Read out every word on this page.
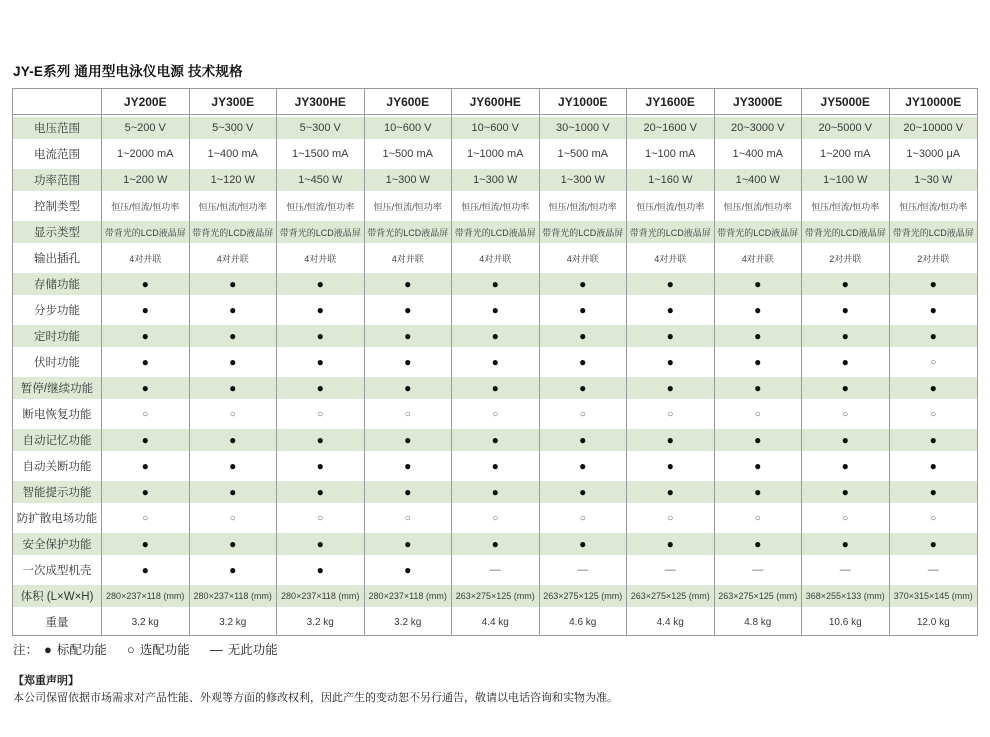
JY-E系列 通用型电泳仪电源 技术规格
JY200E	JY300E	JY300HE	JY600E	JY600HE	JY1000E	JY1600E	JY3000E	JY5000E	JY10000E
电压范围	5~200 V	5~300 V	5~300 V	10~600 V	10~600 V	30~1000 V	20~1600 V	20~3000 V	20~5000 V	20~10000 V
电流范围	1~2000 mA	1~400 mA	1~1500 mA	1~500 mA	1~1000 mA	1~500 mA	1~100 mA	1~400 mA	1~200 mA	1~3000 μA
功率范围	1~200 W	1~120 W	1~450 W	1~300 W	1~300 W	1~300 W	1~160 W	1~400 W	1~100 W	1~30 W
控制类型	恒压/恒流/恒功率	恒压/恒流/恒功率	恒压/恒流/恒功率	恒压/恒流/恒功率	恒压/恒流/恒功率	恒压/恒流/恒功率	恒压/恒流/恒功率	恒压/恒流/恒功率	恒压/恒流/恒功率	恒压/恒流/恒功率
显示类型	带背光的LCD液晶屏 带背光的LCD液晶屏 带背光的LCD液晶屏 带背光的LCD液晶屏 带背光的LCD液晶屏 带背光的LCD液晶屏 带背光的LCD液晶屏 带背光的LCD液晶屏 带背光的LCD液晶屏 带背光的LCD液晶屏
输出插孔	4对并联	4对并联	4对并联	4对并联	4对并联	4对并联	4对并联	4对并联	2对并联	2对并联
存储功能	●	●	●	●	●	●	●	●	●	●
分步功能	●	●	●	●	●	●	●	●	●	●
定时功能	●	●	●	●	●	●	●	●	●	●
伏时功能	●	●	●	●	●	●	●	●	●	○
暂停/继续功能	●	●	●	●	●	●	●	●	●	●
断电恢复功能	○	○	○	○	○	○	○	○	○	○
自动记忆功能	●	●	●	●	●	●	●	●	●	●
自动关断功能	●	●	●	●	●	●	●	●	●	●
智能提示功能	●	●	●	●	●	●	●	●	●	●
防扩散电场功能	○	○	○	○	○	○	○	○	○	○
安全保护功能	●	●	●	●	●	●	●	●	●	●
一次成型机壳	●	●	●	●	—	—	—	—	—	—
体积 (L×W×H)	280×237×118 (mm)	280×237×118 (mm)	280×237×118 (mm)	280×237×118 (mm) 263×275×125 (mm) 263×275×125 (mm) 263×275×125 (mm) 263×275×125 (mm) 368×255×133 (mm) 370×315×145 (mm)
重量	3.2 kg	3.2 kg	3.2 kg	3.2 kg	4.4 kg	4.6 kg	4.4 kg	4.8 kg	10.6 kg	12.0 kg
注： ● 标配功能 ○ 选配功能 — 无此功能
【郑重声明】
本公司保留依据市场需求对产品性能、外观等方面的修改权利，因此产生的变动恕不另行通告，敬请以电话咨询和实物为准。
